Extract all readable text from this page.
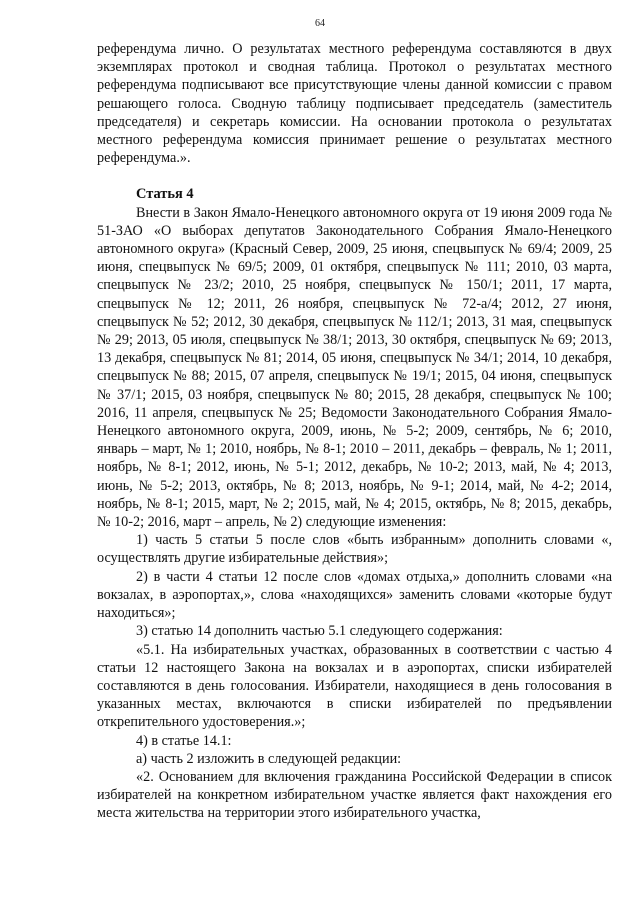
64

референдума лично. О результатах местного референдума составляются в двух экземплярах протокол и сводная таблица. Протокол о результатах местного референдума подписывают все присутствующие члены данной комиссии с правом решающего голоса. Сводную таблицу подписывает председатель (заместитель председателя) и секретарь комиссии. На основании протокола о результатах местного референдума комиссия принимает решение о результатах местного референдума.».

Статья 4

Внести в Закон Ямало-Ненецкого автономного округа от 19 июня 2009 года № 51-ЗАО «О выборах депутатов Законодательного Собрания Ямало-Ненецкого автономного округа» (Красный Север, 2009, 25 июня, спецвыпуск № 69/4; 2009, 25 июня, спецвыпуск № 69/5; 2009, 01 октября, спецвыпуск № 111; 2010, 03 марта, спецвыпуск № 23/2; 2010, 25 ноября, спецвыпуск № 150/1; 2011, 17 марта, спецвыпуск № 12; 2011, 26 ноября, спецвыпуск № 72-а/4; 2012, 27 июня, спецвыпуск № 52; 2012, 30 декабря, спецвыпуск № 112/1; 2013, 31 мая, спецвыпуск № 29; 2013, 05 июля, спецвыпуск № 38/1; 2013, 30 октября, спецвыпуск № 69; 2013, 13 декабря, спецвыпуск № 81; 2014, 05 июня, спецвыпуск № 34/1; 2014, 10 декабря, спецвыпуск № 88; 2015, 07 апреля, спецвыпуск № 19/1; 2015, 04 июня, спецвыпуск № 37/1; 2015, 03 ноября, спецвыпуск № 80; 2015, 28 декабря, спецвыпуск № 100; 2016, 11 апреля, спецвыпуск № 25; Ведомости Законодательного Собрания Ямало-Ненецкого автономного округа, 2009, июнь, № 5-2; 2009, сентябрь, № 6; 2010, январь – март, № 1; 2010, ноябрь, № 8-1; 2010 – 2011, декабрь – февраль, № 1; 2011, ноябрь, № 8-1; 2012, июнь, № 5-1; 2012, декабрь, № 10-2; 2013, май, № 4; 2013, июнь, № 5-2; 2013, октябрь, № 8; 2013, ноябрь, № 9-1; 2014, май, № 4-2; 2014, ноябрь, № 8-1; 2015, март, № 2; 2015, май, № 4; 2015, октябрь, № 8; 2015, декабрь, № 10-2; 2016, март – апрель, № 2) следующие изменения:

1) часть 5 статьи 5 после слов «быть избранным» дополнить словами «, осуществлять другие избирательные действия»;

2) в части 4 статьи 12 после слов «домах отдыха,» дополнить словами «на вокзалах, в аэропортах,», слова «находящихся» заменить словами «которые будут находиться»;

3) статью 14 дополнить частью 5.1 следующего содержания:

«5.1. На избирательных участках, образованных в соответствии с частью 4 статьи 12 настоящего Закона на вокзалах и в аэропортах, списки избирателей составляются в день голосования. Избиратели, находящиеся в день голосования в указанных местах, включаются в списки избирателей по предъявлении открепительного удостоверения.»;

4) в статье 14.1:

а) часть 2 изложить в следующей редакции:

«2. Основанием для включения гражданина Российской Федерации в список избирателей на конкретном избирательном участке является факт нахождения его места жительства на территории этого избирательного участка,
